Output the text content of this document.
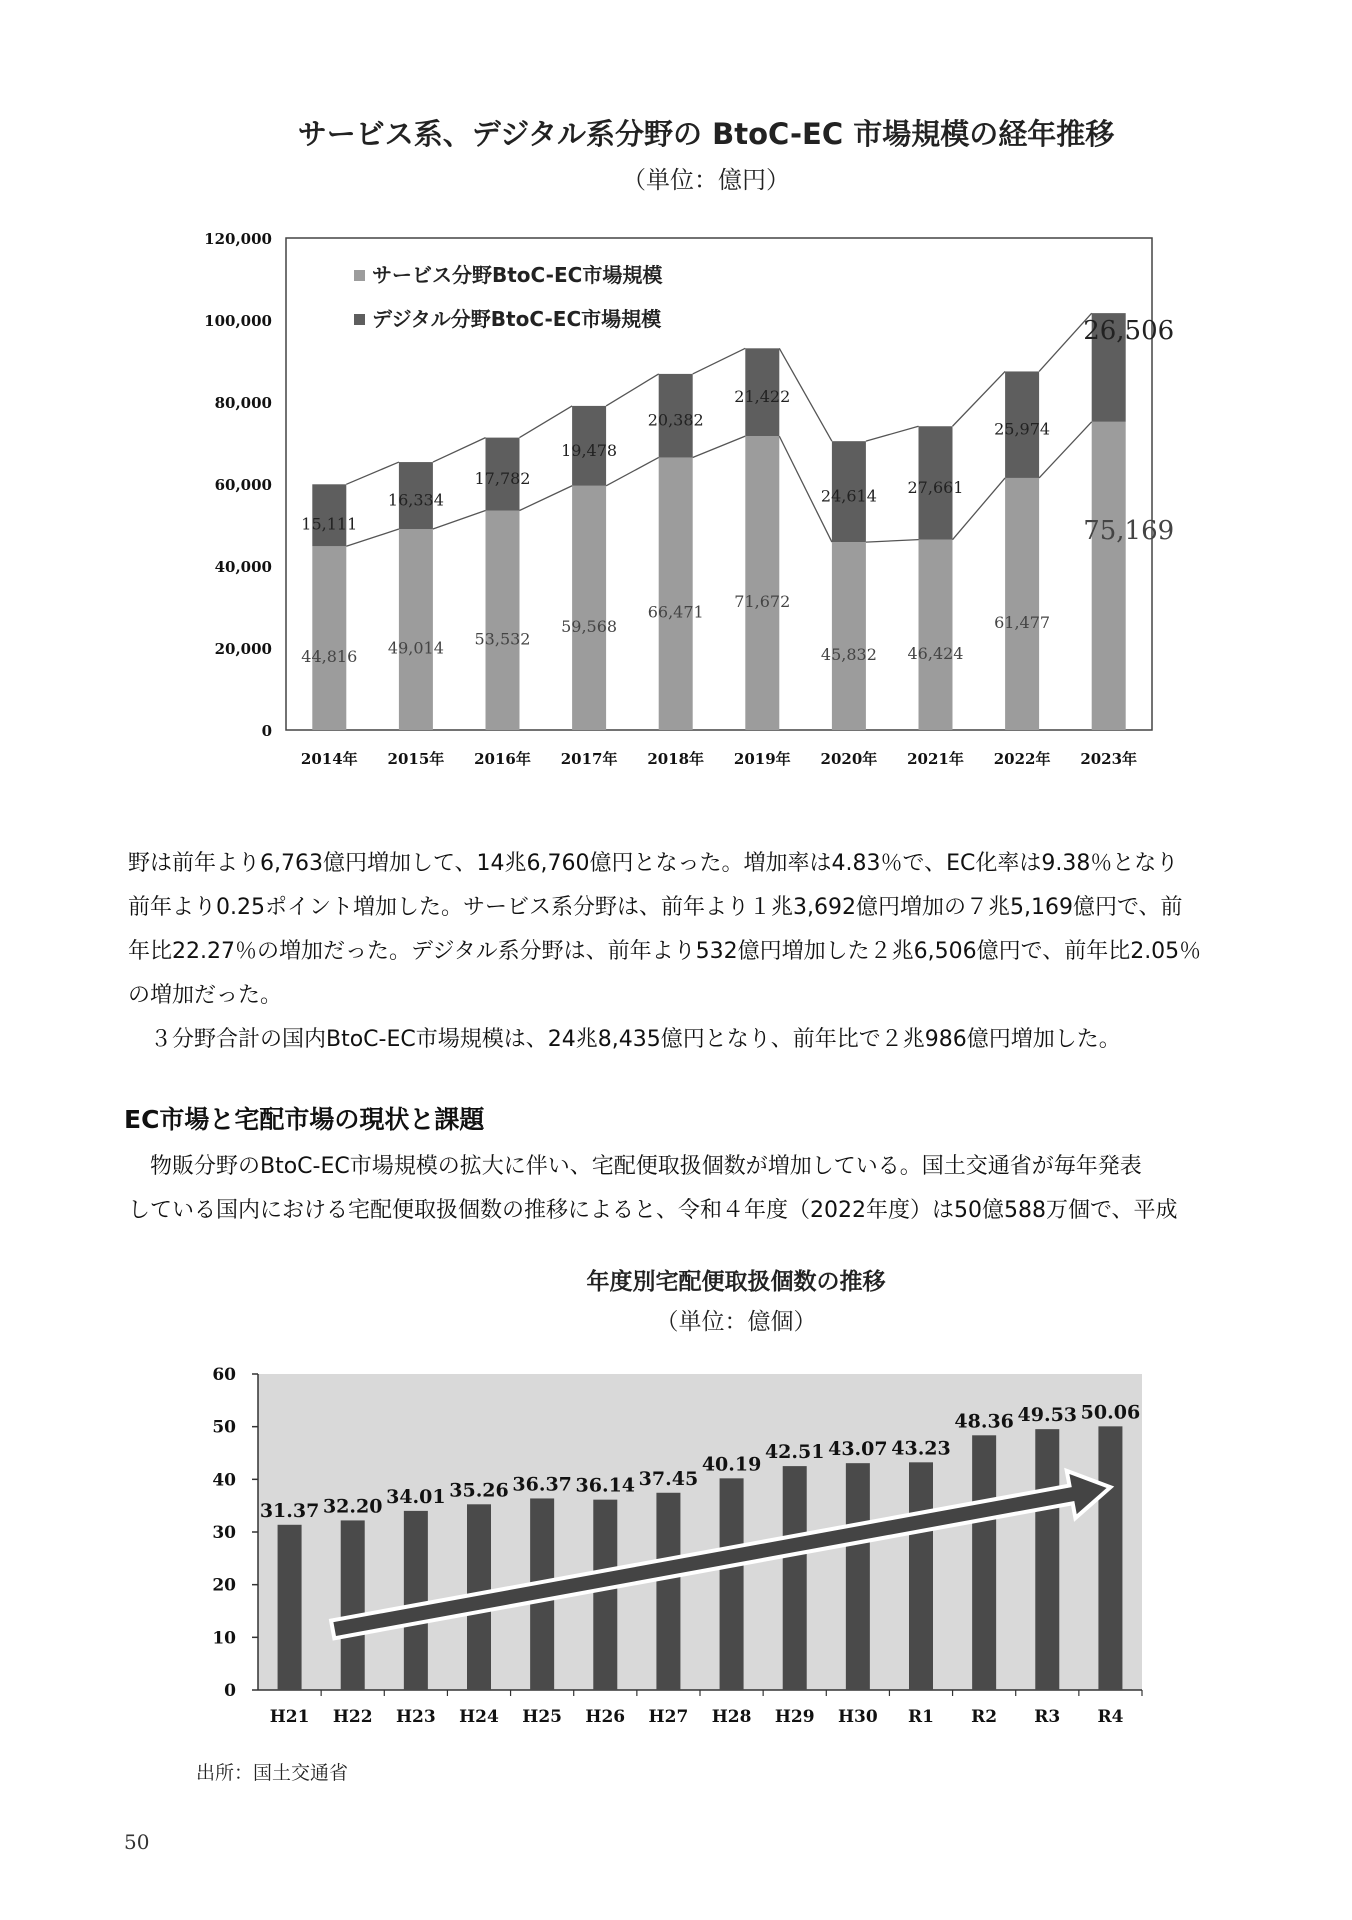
サービス系、デジタル系分野の BtoC-EC 市場規模の経年推移
（単位：億円）
0
20,000
40,000
60,000
80,000
100,000
120,000
2014年 2015年 2016年 2017年 2018年 2019年 2020年 2021年 2022年 2023年
44,816
15,111
49,014
16,334
53,532
17,782
59,568
19,478
66,471
20,382
71,672
21,422
45,832
24,614
46,424
27,661
61,477
25,974
75,169
26,506
サービス分野BtoC-EC市場規模
デジタル分野BtoC-EC市場規模

野は前年より6,763億円増加して、14兆6,760億円となった。増加率は4.83％で、EC化率は9.38％となり

前年より0.25ポイント増加した。サービス系分野は、前年より１兆3,692億円増加の７兆5,169億円で、前

年比22.27％の増加だった。デジタル系分野は、前年より532億円増加した２兆6,506億円で、前年比2.05％

の増加だった。

３分野合計の国内BtoC-EC市場規模は、24兆8,435億円となり、前年比で２兆986億円増加した。

EC市場と宅配市場の現状と課題

物販分野のBtoC-EC市場規模の拡大に伴い、宅配便取扱個数が増加している。国土交通省が毎年発表

している国内における宅配便取扱個数の推移によると、令和４年度（2022年度）は50億588万個で、平成

年度別宅配便取扱個数の推移
（単位：億個）
0
10
20
30
40
50
60
31.37
H21
32.20
H22
34.01
H23
35.26
H24
36.37
H25
36.14
H26
37.45
H27
40.19
H28
42.51
H29
43.07
H30
43.23
R1
48.36
R2
49.53
R3
50.06
R4
出所：国土交通省
50
